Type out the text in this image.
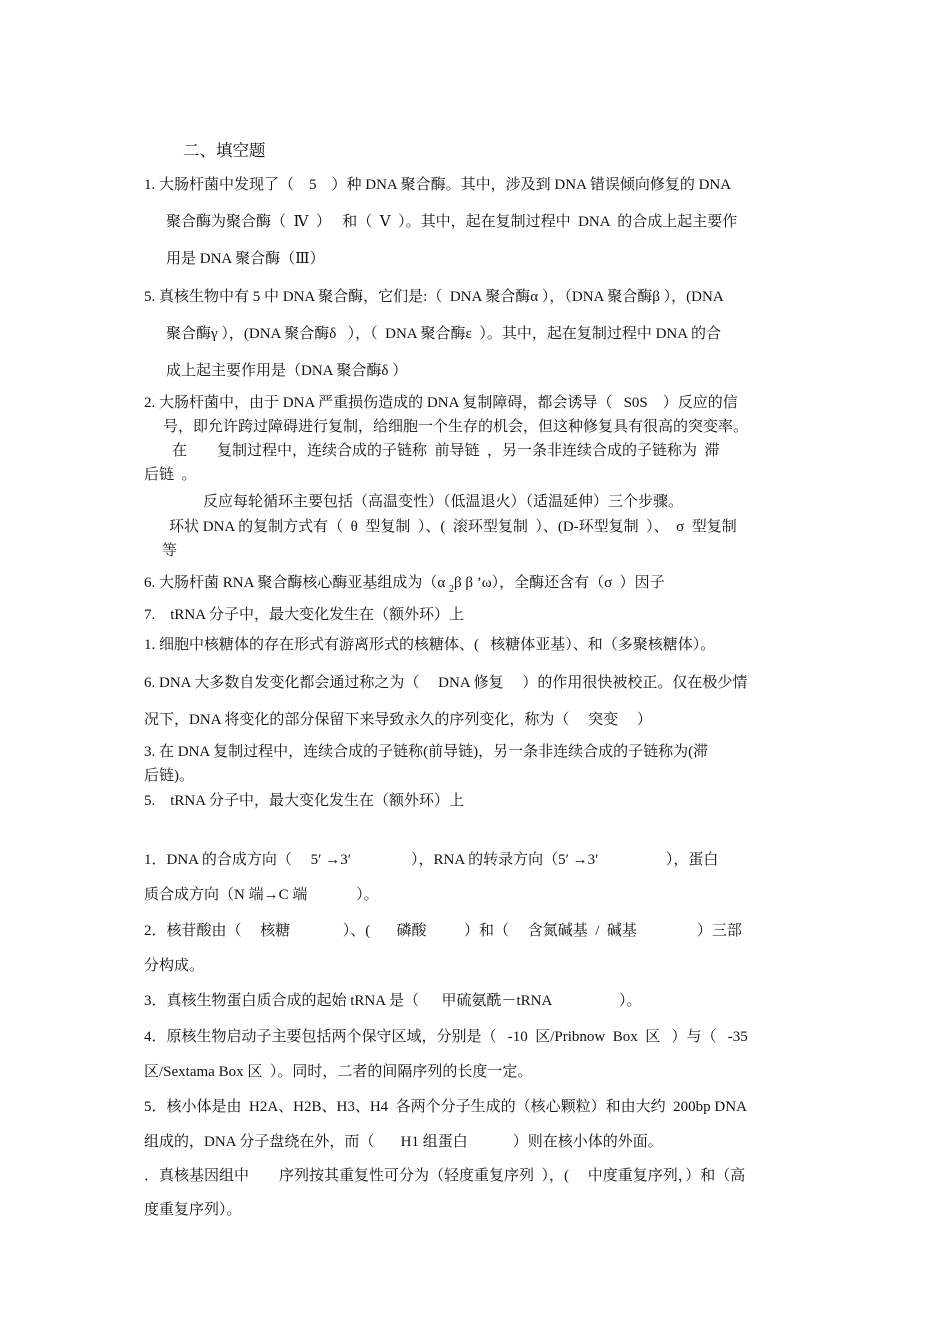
二、填空题
1. 大肠杆菌中发现了（    5    ）种 DNA 聚合酶。其中，涉及到 DNA 错误倾向修复的 DNA
聚合酶为聚合酶（  Ⅳ  ）   和（  Ⅴ  ）。其中，起在复制过程中  DNA  的合成上起主要作
用是 DNA 聚合酶（Ⅲ）
5. 真核生物中有 5 中 DNA 聚合酶，它们是:（  DNA 聚合酶α ），（DNA 聚合酶β ），(DNA
聚合酶γ ），(DNA 聚合酶δ   ），（  DNA 聚合酶ε  ）。其中，起在复制过程中 DNA 的合
成上起主要作用是（DNA 聚合酶δ ）
2. 大肠杆菌中，由于 DNA 严重损伤造成的 DNA 复制障碍，都会诱导（   S0S    ）反应的信
号，即允许跨过障碍进行复制，给细胞一个生存的机会，但这种修复具有很高的突变率。
在        复制过程中，连续合成的子链称  前导链  ，另一条非连续合成的子链称为  滞
后链  。
反应每轮循环主要包括（高温变性）（低温退火）（适温延伸）三个步骤。
环状 DNA 的复制方式有（  θ  型复制  ）、(  滚环型复制  ）、(D-环型复制  ）、  σ  型复制
等
6. 大肠杆菌 RNA 聚合酶核心酶亚基组成为（α $_2$β β ’ω），全酶还含有（σ  ）因子
7.    tRNA 分子中，最大变化发生在（额外环）上
1. 细胞中核糖体的存在形式有游离形式的核糖体、(   核糖体亚基）、和（多聚核糖体）。
6. DNA 大多数自发变化都会通过称之为（     DNA 修复     ）的作用很快被校正。仅在极少情
况下，DNA 将变化的部分保留下来导致永久的序列变化，称为（     突变     ）
3. 在 DNA 复制过程中，连续合成的子链称(前导链)，另一条非连续合成的子链称为(滞
后链)。
5.    tRNA 分子中，最大变化发生在（额外环）上
1．DNA 的合成方向（     5′ →3′                ），RNA 的转录方向（5′ →3′                  ），蛋白
质合成方向（N 端→C 端             ）。
2．核苷酸由（     核糖              ）、(       磷酸          ）和（     含氮碱基  /  碱基                ）三部
分构成。
3．真核生物蛋白质合成的起始 tRNA 是（      甲硫氨酰－tRNA                  ）。
4．原核生物启动子主要包括两个保守区域，分别是（   -10  区/Pribnow  Box  区   ）与（   -35
区/Sextama Box 区  ）。同时，二者的间隔序列的长度一定。
5．核小体是由  H2A、H2B、H3、H4  各两个分子生成的（核心颗粒）和由大约  200bp DNA
组成的，DNA 分子盘绕在外，而（       H1 组蛋白            ）则在核小体的外面。
．真核基因组中        序列按其重复性可分为（轻度重复序列  ），(     中度重复序列，）和（高
度重复序列）。
